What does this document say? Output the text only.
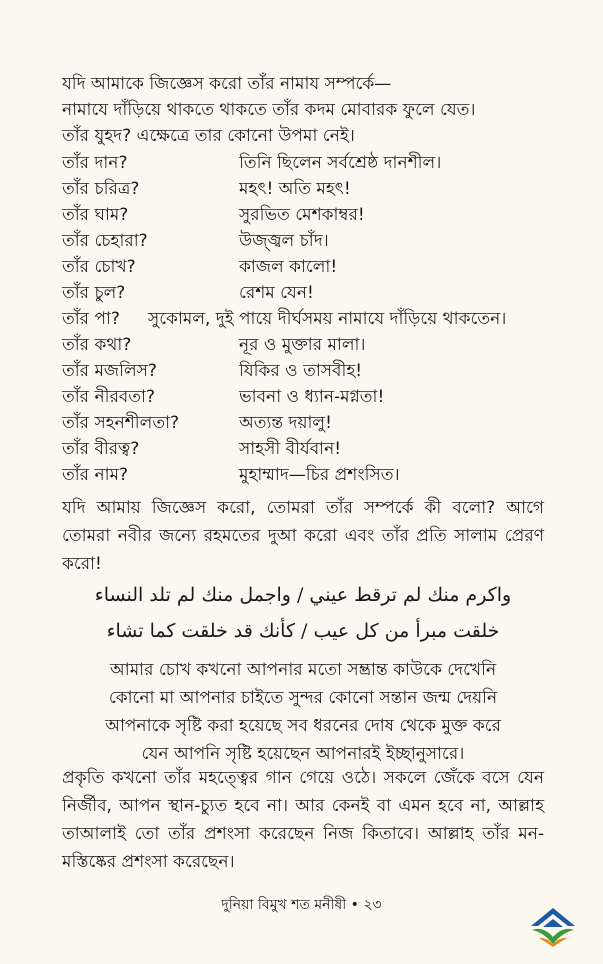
যদি আমাকে জিজ্ঞেস করো তাঁর নামায সম্পর্কে—
নামাযে দাঁড়িয়ে থাকতে থাকতে তাঁর কদম মোবারক ফুলে যেত।
তাঁর যুহদ? এক্ষেত্রে তার কোনো উপমা নেই।
তাঁর দান?	তিনি ছিলেন সর্বশ্রেষ্ঠ দানশীল।
তাঁর চরিত্র?	মহৎ! অতি মহৎ!
তাঁর ঘাম?	সুরভিত মেশকাম্বর!
তাঁর চেহারা?	উজ্জ্বল চাঁদ।
তাঁর চোখ?	কাজল কালো!
তাঁর চুল?	রেশম যেন!
তাঁর পা? সুকোমল, দুই পায়ে দীর্ঘসময় নামাযে দাঁড়িয়ে থাকতেন।
তাঁর কথা?	নূর ও মুক্তার মালা।
তাঁর মজলিস?	যিকির ও তাসবীহ!
তাঁর নীরবতা?	ভাবনা ও ধ্যান-মগ্নতা!
তাঁর সহনশীলতা?	অত্যন্ত দয়ালু!
তাঁর বীরত্ব?	সাহসী বীর্যবান!
তাঁর নাম?	মুহাম্মাদ—চির প্রশংসিত।
যদি আমায় জিজ্ঞেস করো, তোমরা তাঁর সম্পর্কে কী বলো? আগে তোমরা নবীর জন্যে রহমতের দুআ করো এবং তাঁর প্রতি সালাম প্রেরণ করো!
واكرم منك لم ترقط عيني / واجمل منك لم تلد النساء
خلقت مبرأ من كل عيب / كأنك قد خلقت كما تشاء
আমার চোখ কখনো আপনার মতো সম্ভ্রান্ত কাউকে দেখেনি
কোনো মা আপনার চাইতে সুন্দর কোনো সন্তান জন্ম দেয়নি
আপনাকে সৃষ্টি করা হয়েছে সব ধরনের দোষ থেকে মুক্ত করে
যেন আপনি সৃষ্টি হয়েছেন আপনারই ইচ্ছানুসারে।
প্রকৃতি কখনো তাঁর মহত্ত্বের গান গেয়ে ওঠে। সকলে জেঁকে বসে যেন নির্জীব, আপন স্থান-চ্যুত হবে না। আর কেনই বা এমন হবে না, আল্লাহ তাআলাই তো তাঁর প্রশংসা করেছেন নিজ কিতাবে। আল্লাহ তাঁর মন-মস্তিষ্কের প্রশংসা করেছেন।
দুনিয়া বিমুখ শত মনীষী • ২৩
